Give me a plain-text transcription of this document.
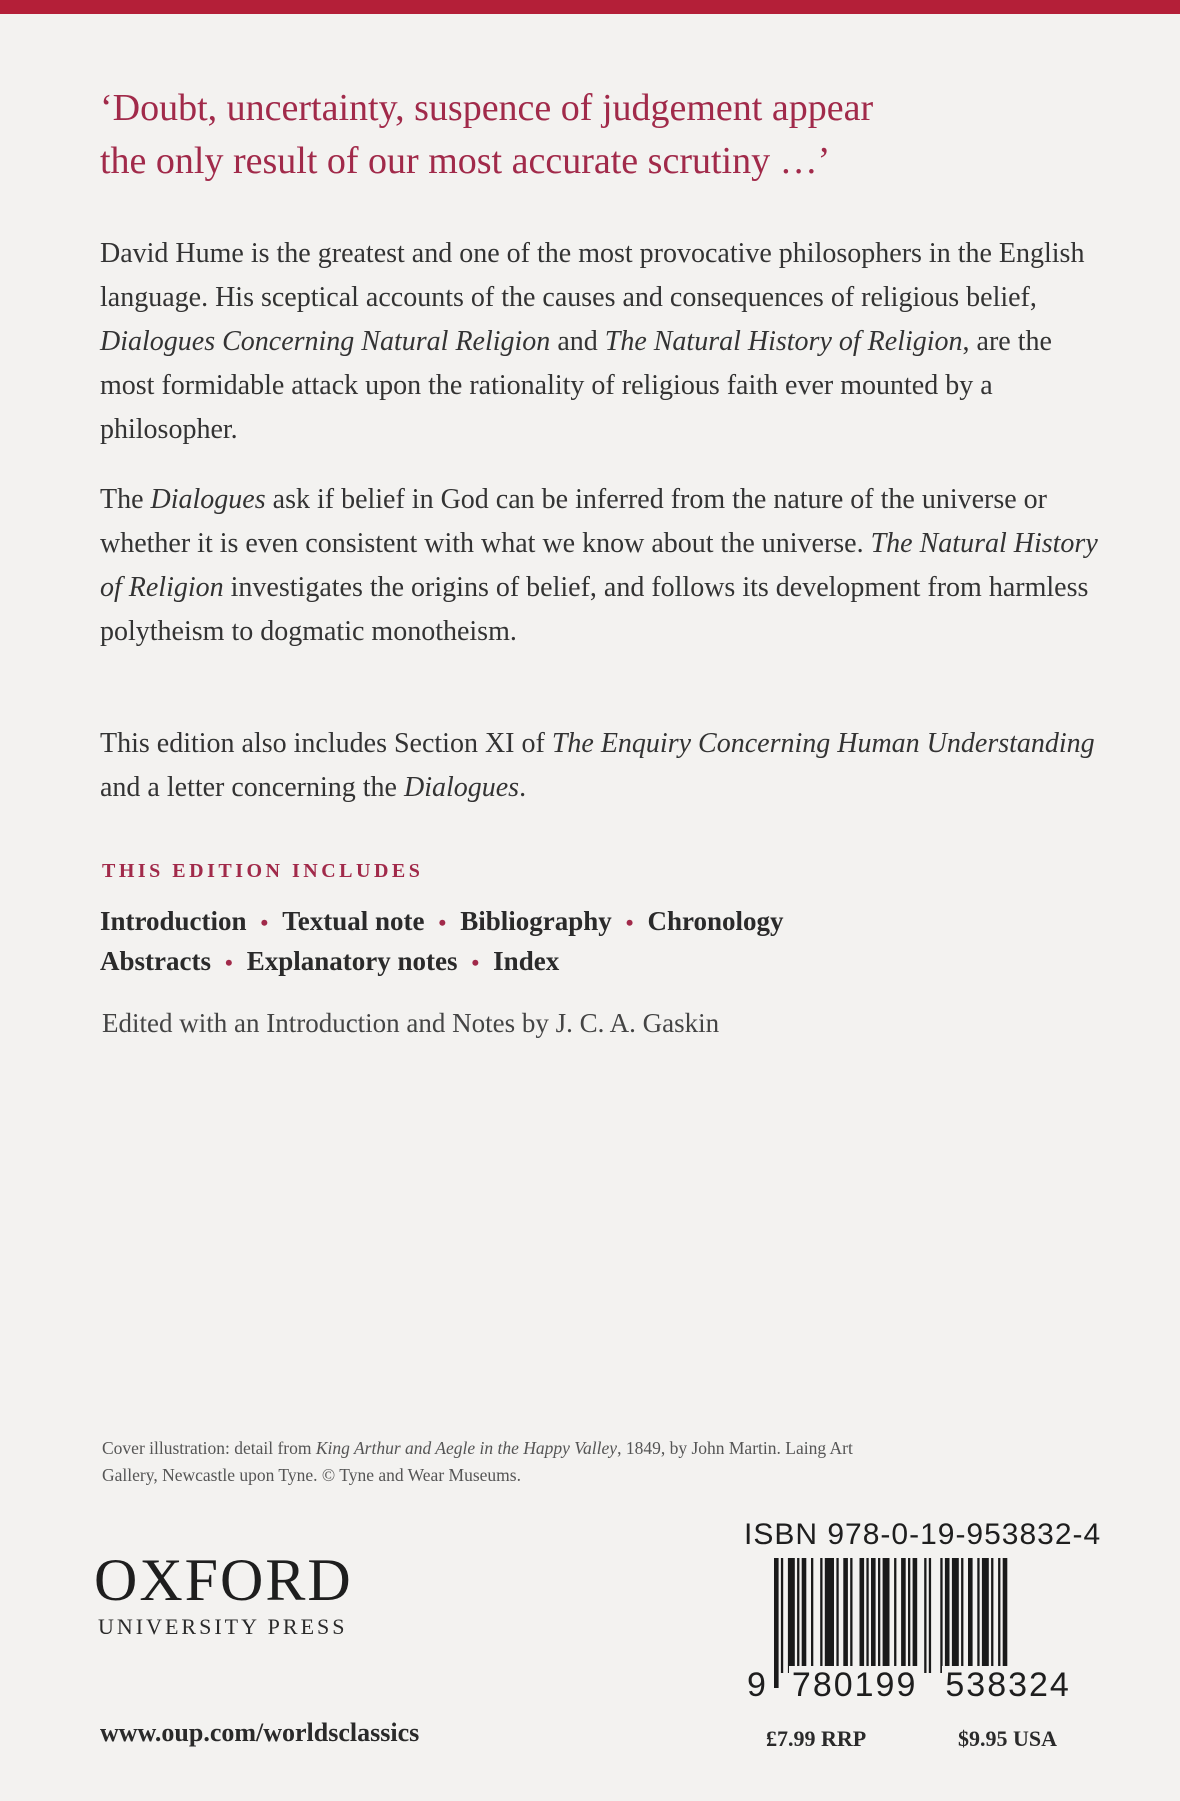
‘Doubt, uncertainty, suspence of judgement appear
the only result of our most accurate scrutiny …’

David Hume is the greatest and one of the most provocative philosophers in the English language. His sceptical accounts of the causes and consequences of religious belief, Dialogues Concerning Natural Religion and The Natural History of Religion, are the most formidable attack upon the rationality of religious faith ever mounted by a philosopher.

The Dialogues ask if belief in God can be inferred from the nature of the universe or whether it is even consistent with what we know about the universe. The Natural History of Religion investigates the origins of belief, and follows its development from harmless polytheism to dogmatic monotheism.

This edition also includes Section XI of The Enquiry Concerning Human Understanding and a letter concerning the Dialogues.

THIS EDITION INCLUDES
Introduction • Textual note • Bibliography • Chronology
Abstracts • Explanatory notes • Index
Edited with an Introduction and Notes by J. C. A. Gaskin
Cover illustration: detail from King Arthur and Aegle in the Happy Valley, 1849, by John Martin. Laing Art Gallery, Newcastle upon Tyne. © Tyne and Wear Museums.
OXFORD
UNIVERSITY PRESS
www.oup.com/worldsclassics
ISBN 978-0-19-953832-4
9 780199 538324
£7.99 RRP	$9.95 USA
